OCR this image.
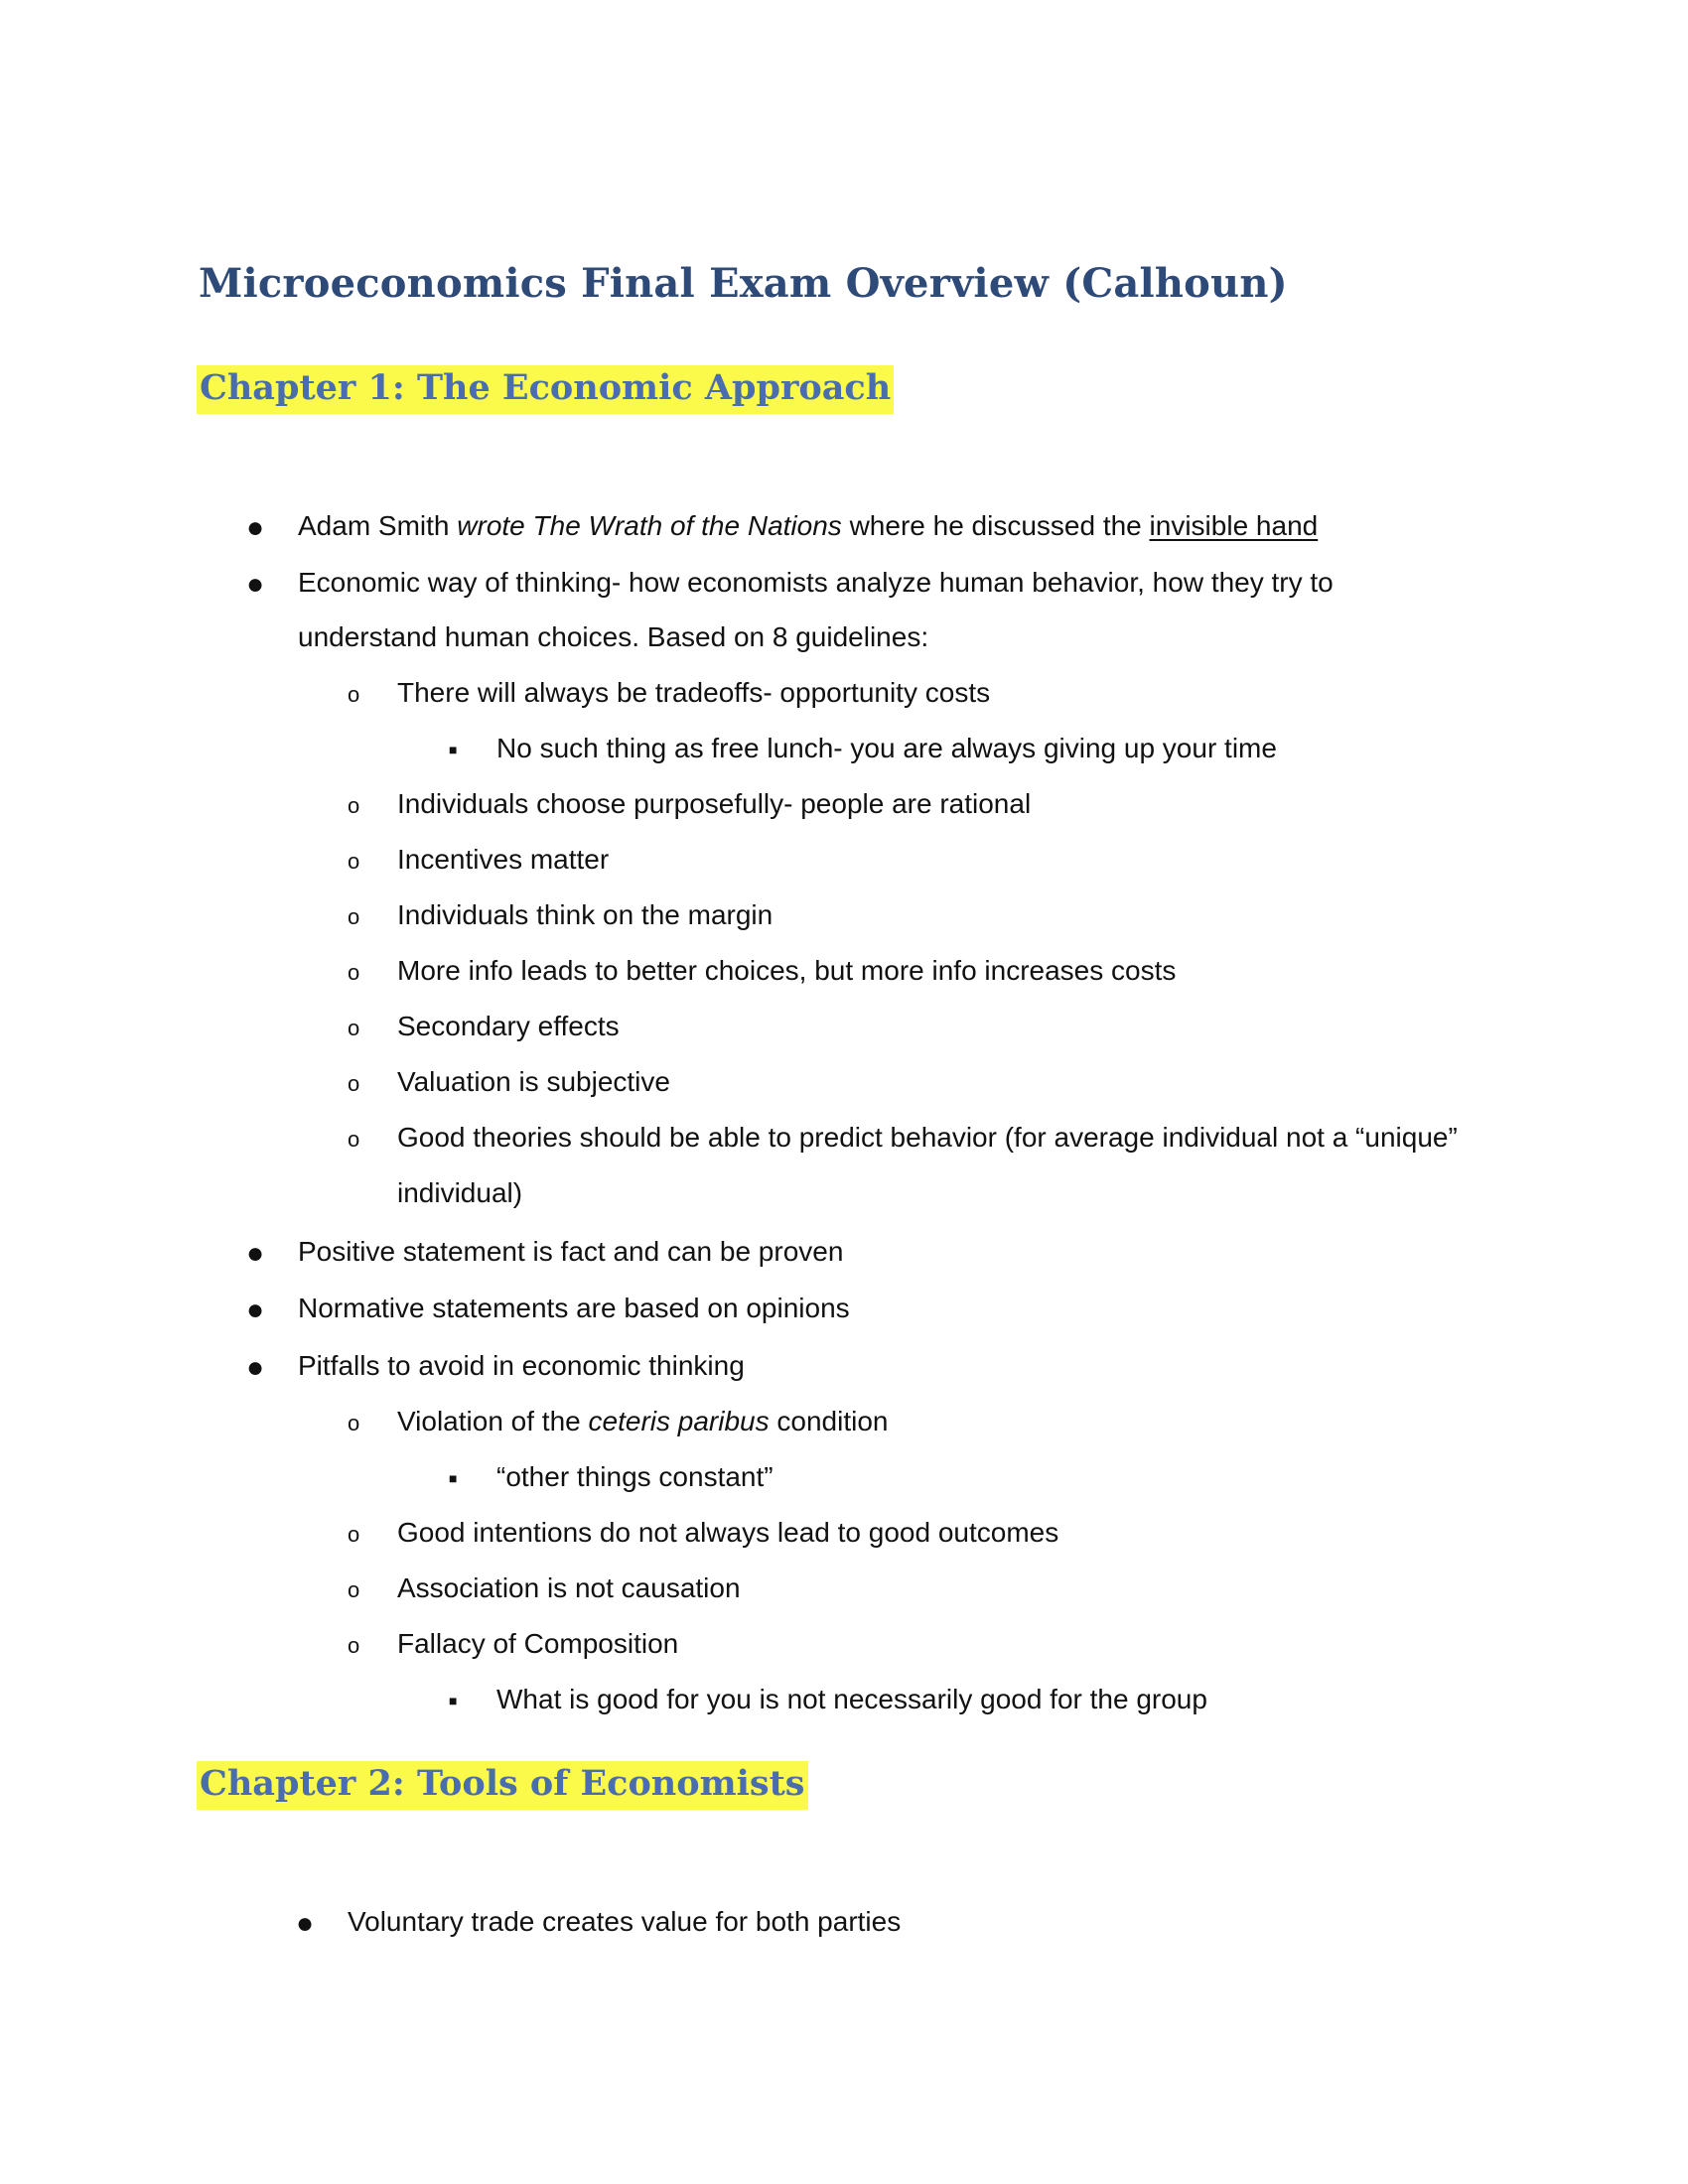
Microeconomics Final Exam Overview (Calhoun)
Chapter 1: The Economic Approach
● Adam Smith wrote The Wrath of the Nations where he discussed the invisible hand
● Economic way of thinking- how economists analyze human behavior, how they try to
understand human choices. Based on 8 guidelines:
o There will always be tradeoffs- opportunity costs
■ No such thing as free lunch- you are always giving up your time
o Individuals choose purposefully- people are rational
o Incentives matter
o Individuals think on the margin
o More info leads to better choices, but more info increases costs
o Secondary effects
o Valuation is subjective
o Good theories should be able to predict behavior (for average individual not a “unique”
individual)
● Positive statement is fact and can be proven
● Normative statements are based on opinions
● Pitfalls to avoid in economic thinking
o Violation of the ceteris paribus condition
■ “other things constant”
o Good intentions do not always lead to good outcomes
o Association is not causation
o Fallacy of Composition
■ What is good for you is not necessarily good for the group
Chapter 2: Tools of Economists
● Voluntary trade creates value for both parties
